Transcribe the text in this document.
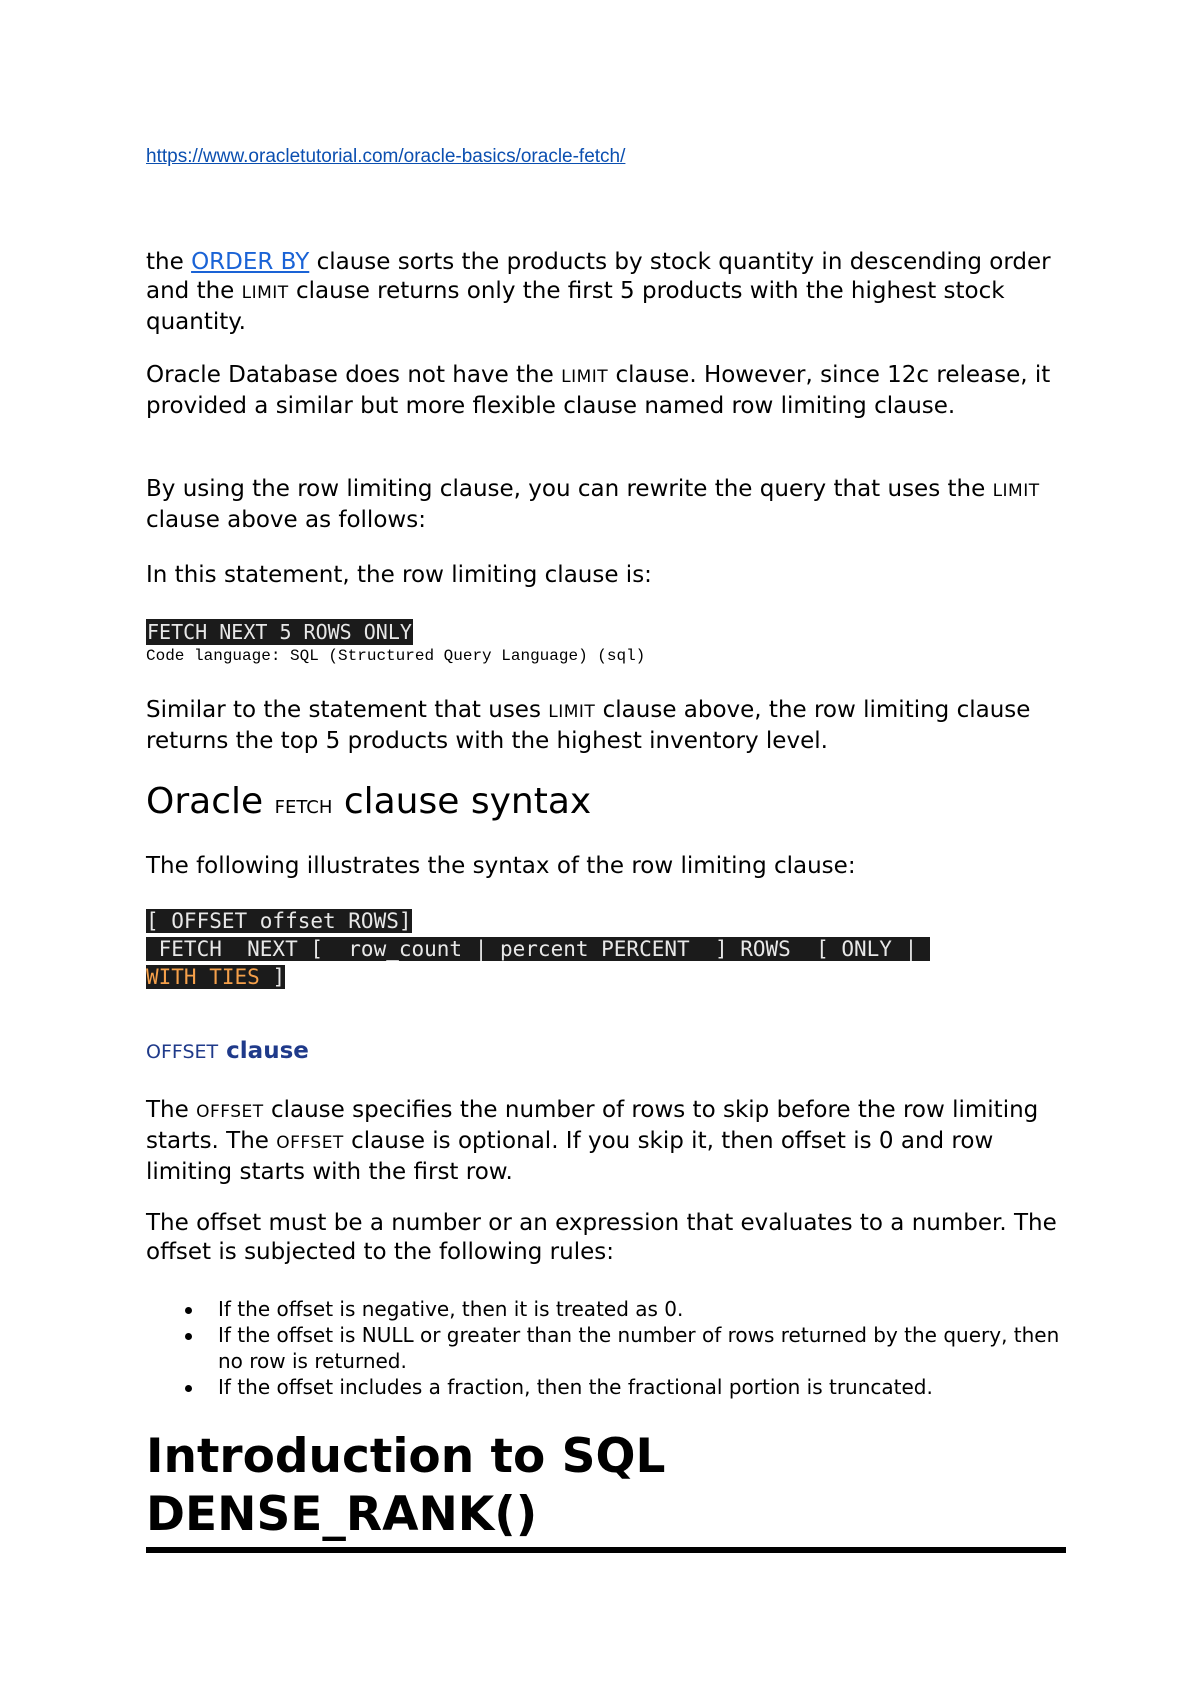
https://www.oracletutorial.com/oracle-basics/oracle-fetch/

the ORDER BY clause sorts the products by stock quantity in descending order and the LIMIT clause returns only the first 5 products with the highest stock quantity.

Oracle Database does not have the LIMIT clause. However, since 12c release, it provided a similar but more flexible clause named row limiting clause.

By using the row limiting clause, you can rewrite the query that uses the LIMIT clause above as follows:

In this statement, the row limiting clause is:

FETCH NEXT 5 ROWS ONLY
Code language: SQL (Structured Query Language) (sql)

Similar to the statement that uses LIMIT clause above, the row limiting clause returns the top 5 products with the highest inventory level.

Oracle FETCH clause syntax

The following illustrates the syntax of the row limiting clause:

[ OFFSET offset ROWS]
FETCH  NEXT [  row_count | percent PERCENT  ] ROWS  [ ONLY |
WITH TIES ]
OFFSET clause

The OFFSET clause specifies the number of rows to skip before the row limiting starts. The OFFSET clause is optional. If you skip it, then offset is 0 and row limiting starts with the first row.

The offset must be a number or an expression that evaluates to a number. The offset is subjected to the following rules:

If the offset is negative, then it is treated as 0.
If the offset is NULL or greater than the number of rows returned by the query, then no row is returned.
If the offset includes a fraction, then the fractional portion is truncated.
Introduction to SQL DENSE_RANK()
